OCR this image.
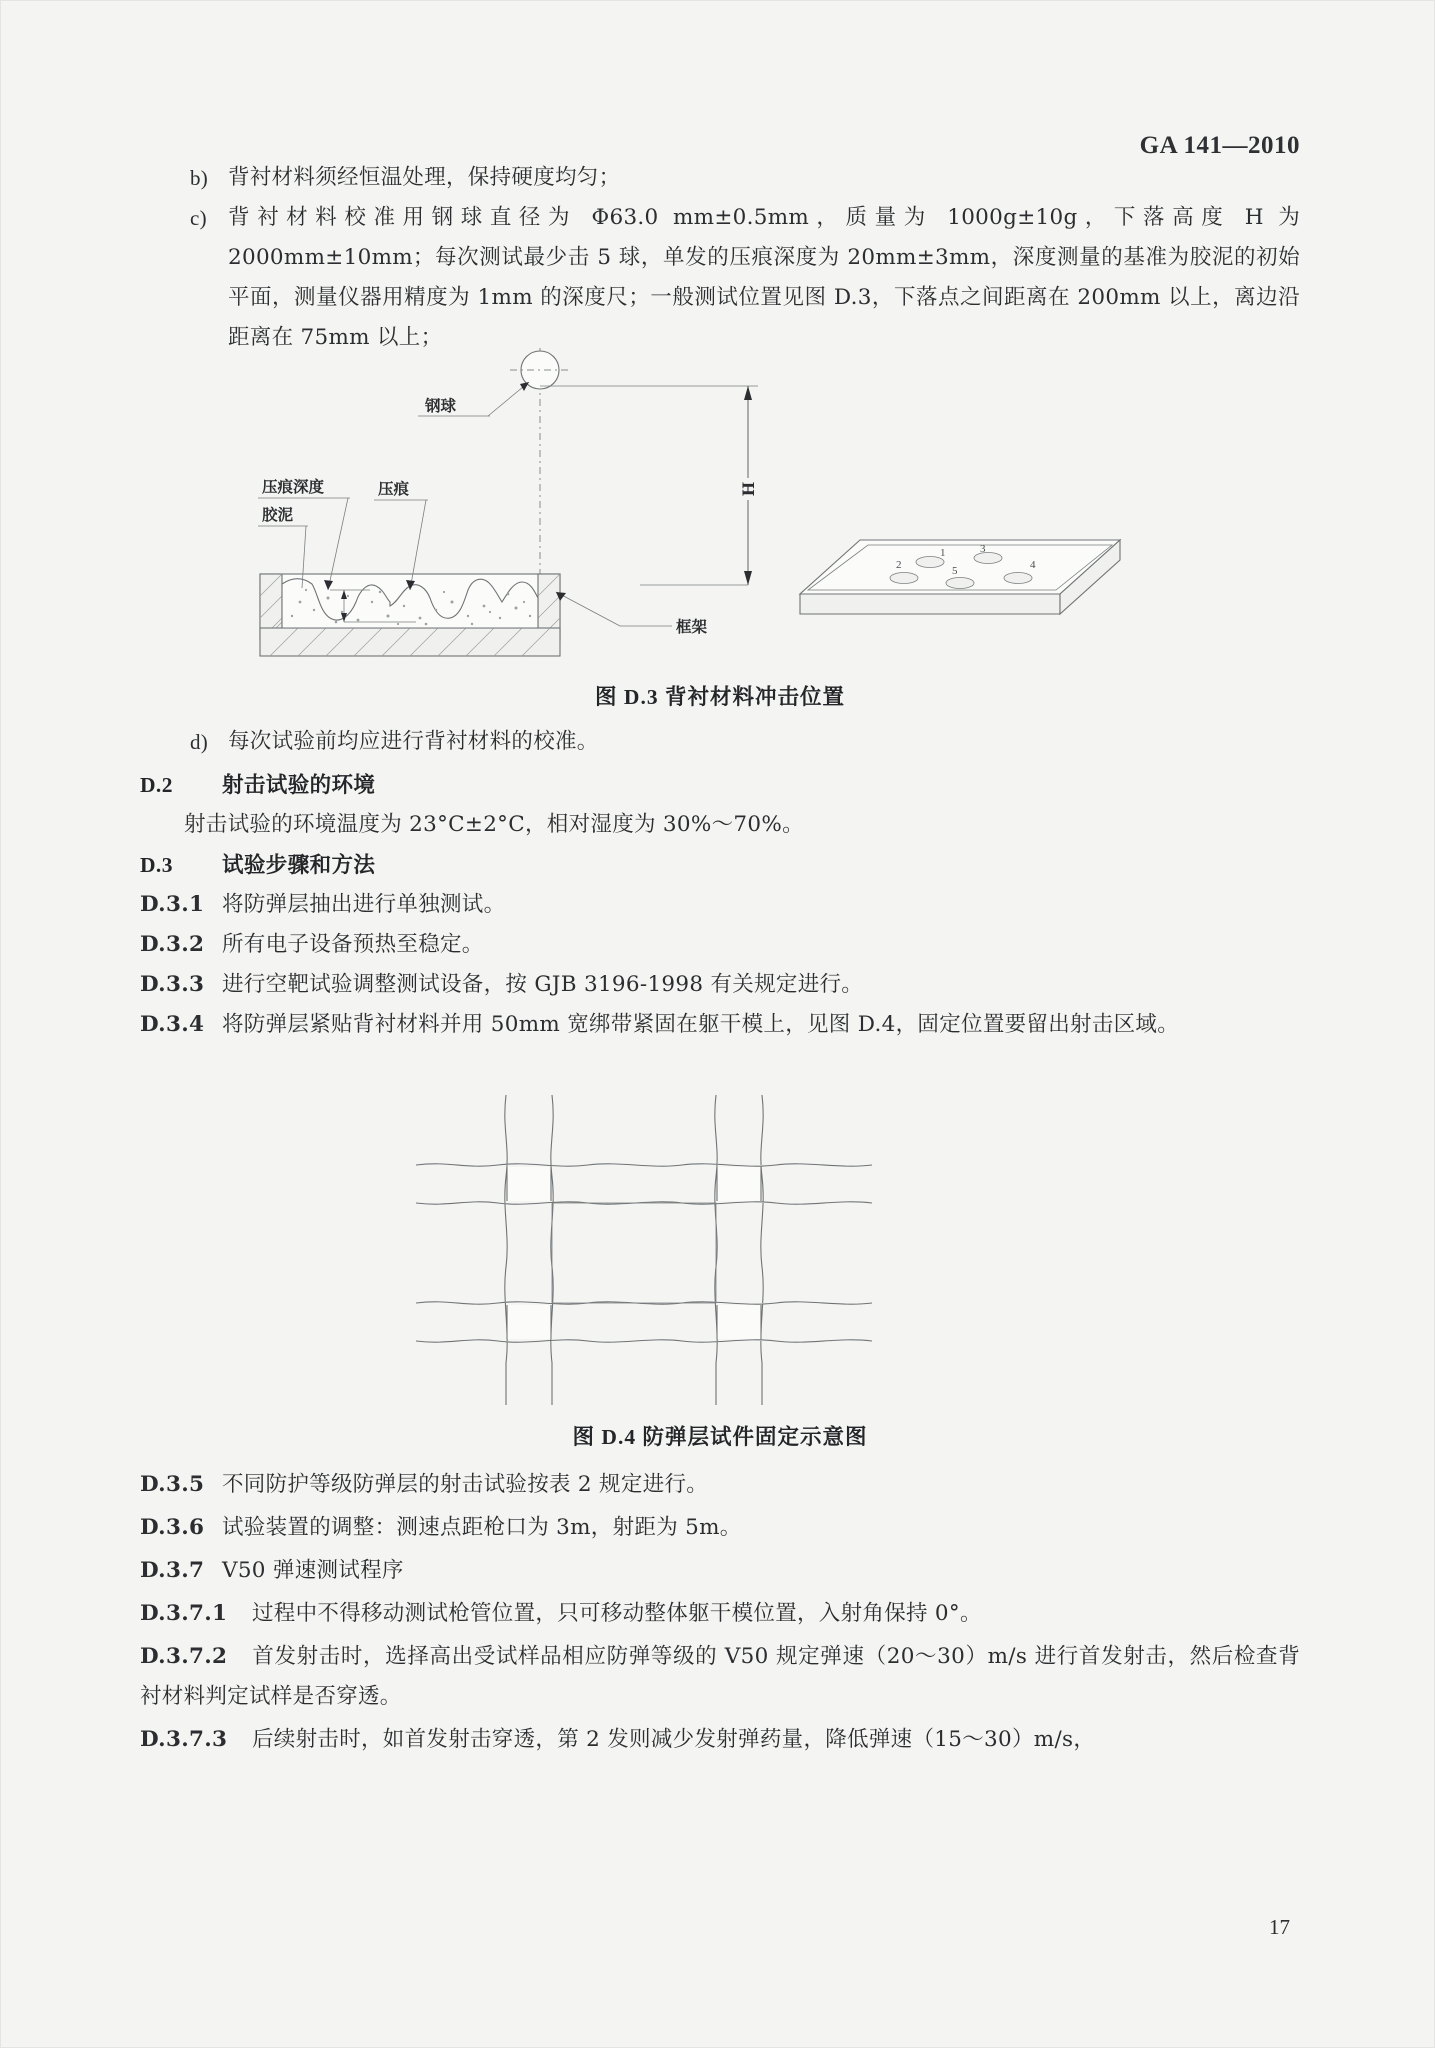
GA 141—2010
b) 背衬材料须经恒温处理，保持硬度均匀；
c) 背衬材料校准用钢球直径为 Φ63.0 mm±0.5mm，质量为 1000g±10g，下落高度 H 为 2000mm±10mm；每次测试最少击 5 球，单发的压痕深度为 20mm±3mm，深度测量的基准为胶泥的初始平面，测量仪器用精度为 1mm 的深度尺；一般测试位置见图 D.3，下落点之间距离在 200mm 以上，离边沿距离在 75mm 以上；
钢球
H
压痕深度
胶泥
压痕
框架
2	5
1	3
4
图 D.3 背衬材料冲击位置
d) 每次试验前均应进行背衬材料的校准。
D.2 射击试验的环境
射击试验的环境温度为 23°C±2°C，相对湿度为 30%～70%。
D.3 试验步骤和方法
D.3.1 将防弹层抽出进行单独测试。
D.3.2 所有电子设备预热至稳定。
D.3.3 进行空靶试验调整测试设备，按 GJB 3196-1998 有关规定进行。
D.3.4 将防弹层紧贴背衬材料并用 50mm 宽绑带紧固在躯干模上，见图 D.4，固定位置要留出射击区域。
图 D.4 防弹层试件固定示意图
D.3.5 不同防护等级防弹层的射击试验按表 2 规定进行。
D.3.6 试验装置的调整：测速点距枪口为 3m，射距为 5m。
D.3.7 V50 弹速测试程序
D.3.7.1 过程中不得移动测试枪管位置，只可移动整体躯干模位置，入射角保持 0°。
D.3.7.2 首发射击时，选择高出受试样品相应防弹等级的 V50 规定弹速（20～30）m/s 进行首发射击，然后检查背衬材料判定试样是否穿透。
D.3.7.3 后续射击时，如首发射击穿透，第 2 发则减少发射弹药量，降低弹速（15～30）m/s，
17
